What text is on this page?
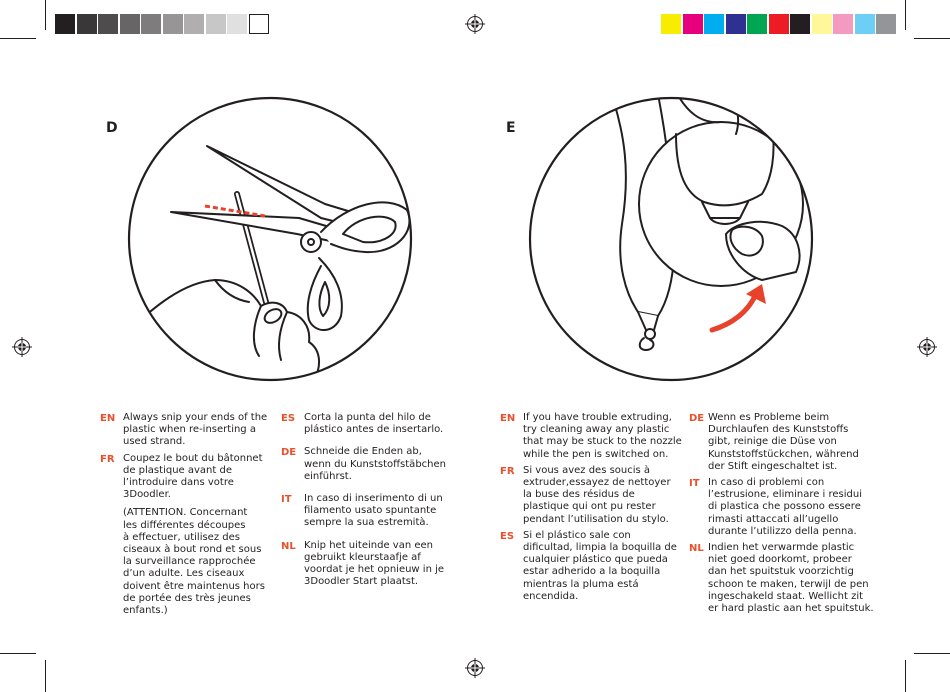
D	E
EN Always snip your ends of the
plastic when re-inserting a
used strand.
FR Coupez le bout du bâtonnet
de plastique avant de
l’introduire dans votre
3Doodler.
(ATTENTION. Concernant
les différentes découpes
à effectuer, utilisez des
ciseaux à bout rond et sous
la surveillance rapprochée
d’un adulte. Les ciseaux
doivent être maintenus hors
de portée des très jeunes
enfants.)
ES Corta la punta del hilo de
plástico antes de insertarlo.
DE Schneide die Enden ab,
wenn du Kunststoffstäbchen
einführst.
IT In caso di inserimento di un
filamento usato spuntante
sempre la sua estremità.
NL Knip het uiteinde van een
gebruikt kleurstaafje af
voordat je het opnieuw in je
3Doodler Start plaatst.
EN If you have trouble extruding,
try cleaning away any plastic
that may be stuck to the nozzle
while the pen is switched on.
FR Si vous avez des soucis à
extruder,essayez de nettoyer
la buse des résidus de
plastique qui ont pu rester
pendant l’utilisation du stylo.
ES Si el plástico sale con
dificultad, limpia la boquilla de
cualquier plástico que pueda
estar adherido a la boquilla
mientras la pluma está
encendida.
DE Wenn es Probleme beim
Durchlaufen des Kunststoffs
gibt, reinige die Düse von
Kunststoffstückchen, während
der Stift eingeschaltet ist.
IT In caso di problemi con
l’estrusione, eliminare i residui
di plastica che possono essere
rimasti attaccati all’ugello
durante l’utilizzo della penna.
NL Indien het verwarmde plastic
niet goed doorkomt, probeer
dan het spuitstuk voorzichtig
schoon te maken, terwijl de pen
ingeschakeld staat. Wellicht zit
er hard plastic aan het spuitstuk.
